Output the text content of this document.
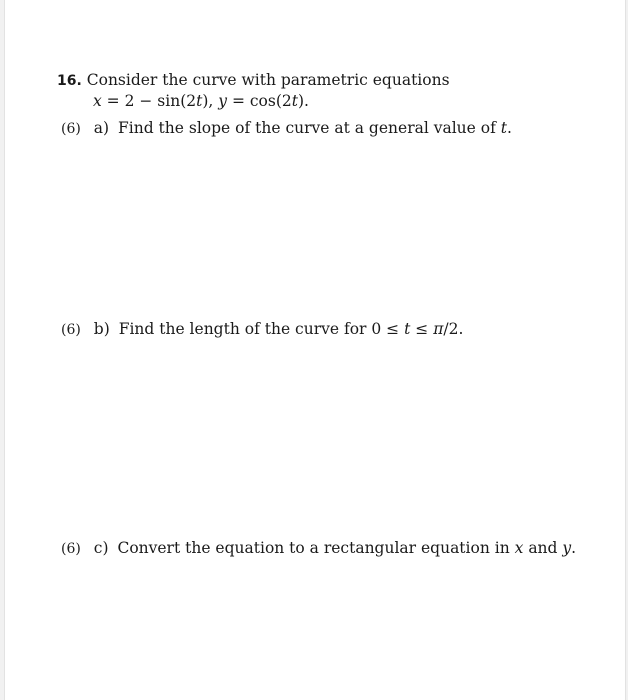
16. Consider the curve with parametric equations
x = 2 − sin(2t), y = cos(2t).
(6) a) Find the slope of the curve at a general value of t.
(6) b) Find the length of the curve for 0 ≤ t ≤ π/2.
(6) c) Convert the equation to a rectangular equation in x and y.
